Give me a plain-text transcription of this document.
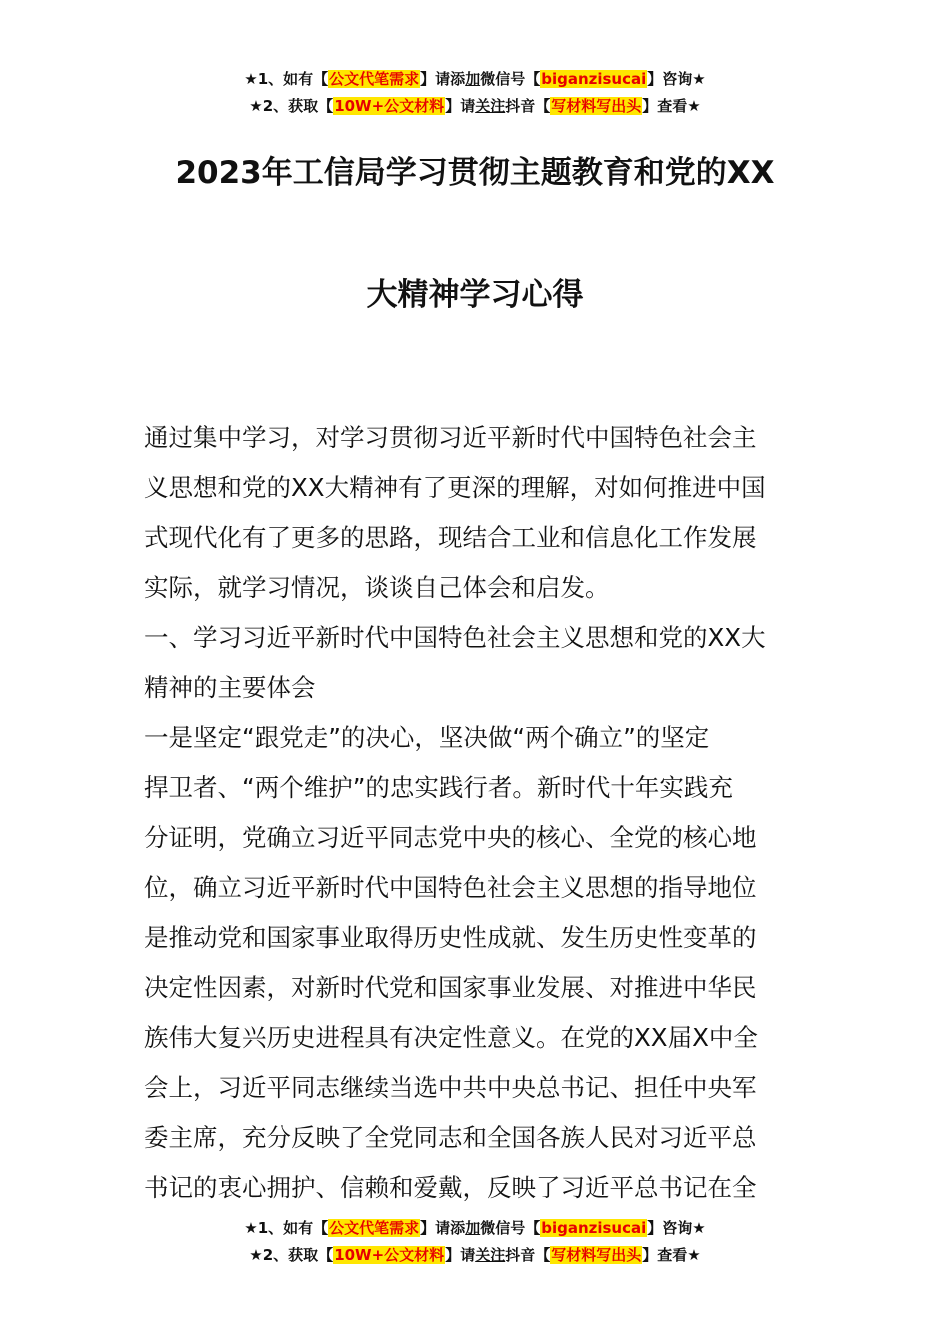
★1、如有【公文代笔需求】请添加微信号【biganzisucai】咨询★
★2、获取【10W+公文材料】请关注抖音【写材料写出头】查看★
2023年工信局学习贯彻主题教育和党的XX
大精神学习心得
通过集中学习，对学习贯彻习近平新时代中国特色社会主
义思想和党的XX大精神有了更深的理解，对如何推进中国
式现代化有了更多的思路，现结合工业和信息化工作发展
实际，就学习情况，谈谈自己体会和启发。
一、学习习近平新时代中国特色社会主义思想和党的XX大
精神的主要体会
一是坚定“跟党走”的决心，坚决做“两个确立”的坚定
捍卫者、“两个维护”的忠实践行者。新时代十年实践充
分证明，党确立习近平同志党中央的核心、全党的核心地
位，确立习近平新时代中国特色社会主义思想的指导地位
是推动党和国家事业取得历史性成就、发生历史性变革的
决定性因素，对新时代党和国家事业发展、对推进中华民
族伟大复兴历史进程具有决定性意义。在党的XX届X中全
会上，习近平同志继续当选中共中央总书记、担任中央军
委主席，充分反映了全党同志和全国各族人民对习近平总
书记的衷心拥护、信赖和爱戴，反映了习近平总书记在全
★1、如有【公文代笔需求】请添加微信号【biganzisucai】咨询★
★2、获取【10W+公文材料】请关注抖音【写材料写出头】查看★
